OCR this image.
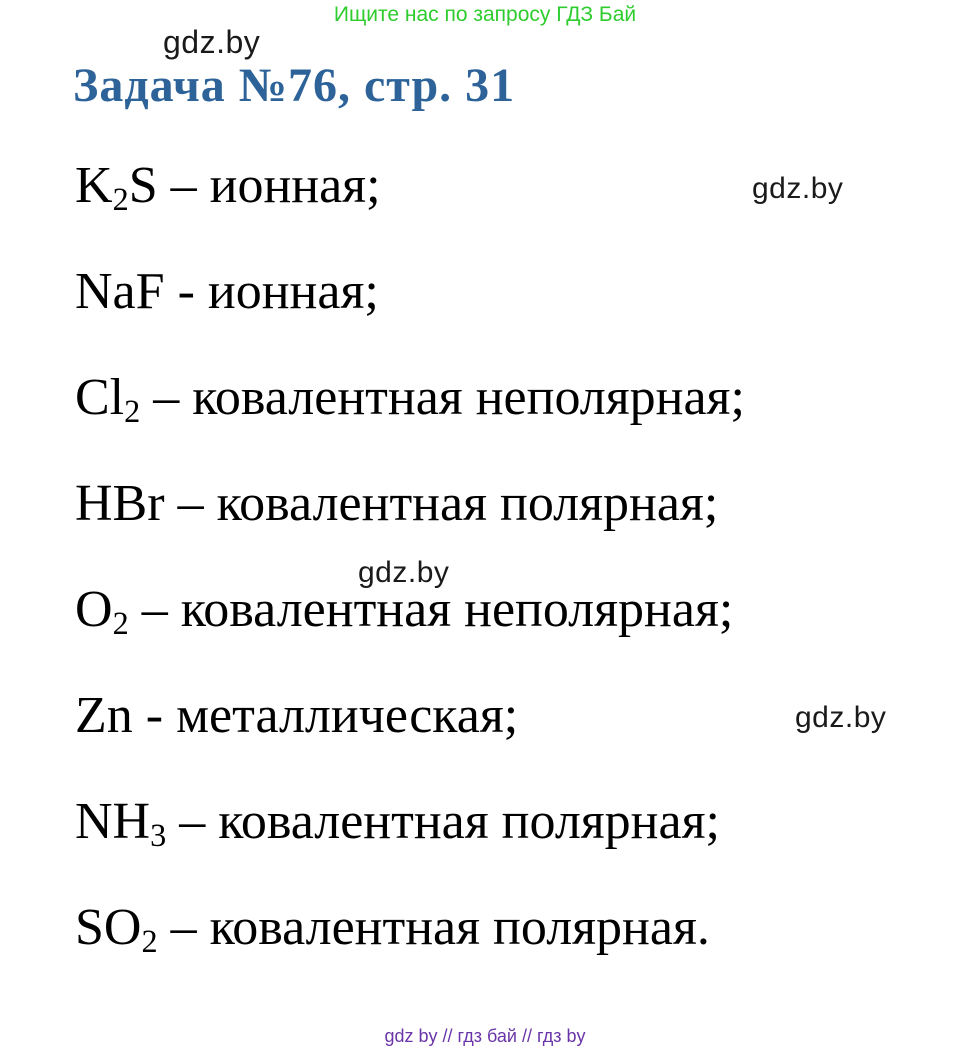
Ищите нас по запросу ГДЗ Бай
gdz.by
Задача №76, стр. 31
gdz.by
gdz.by
gdz.by
$K_2S$ – ионная;
NaF - ионная;
$Cl_2$ – ковалентная неполярная;
HBr – ковалентная полярная;
$O_2$ – ковалентная неполярная;
Zn - металлическая;
$NH_3$ – ковалентная полярная;
$SO_2$ – ковалентная полярная.
gdz by // гдз бай // гдз by
